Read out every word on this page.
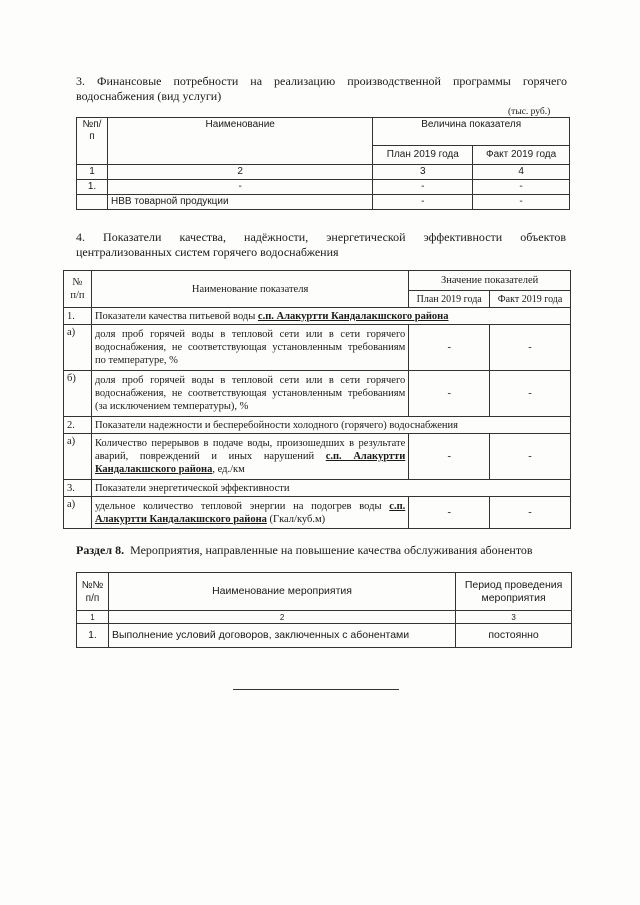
3. Финансовые потребности на реализацию производственной программы горячего водоснабжения (вид услуги)
(тыс. руб.)
№п/п	Наименование	Величина показателя	
		План 2019 года	Факт 2019 года
1	2	3	4
1.	-	-	-
	НВВ товарной продукции	-	-
4. Показатели качества, надёжности, энергетической эффективности объектов централизованных систем горячего водоснабжения
№ п/п	Наименование показателя	Значение показателей	
		План 2019 года	Факт 2019 года
1.	Показатели качества питьевой воды с.п. Алакуртти Кандалакшского района		
а)	доля проб горячей воды в тепловой сети или в сети горячего водоснабжения, не соответствующая установленным требованиям по температуре, %	-	-
б)	доля проб горячей воды в тепловой сети или в сети горячего водоснабжения, не соответствующая установленным требованиям (за исключением температуры), %	-	-
2.	Показатели надежности и бесперебойности холодного (горячего) водоснабжения		
а)	Количество перерывов в подаче воды, произошедших в результате аварий, повреждений и иных нарушений с.п. Алакуртти Кандалакшского района, ед./км	-	-
3.	Показатели энергетической эффективности		
а)	удельное количество тепловой энергии на подогрев воды с.п. Алакуртти Кандалакшского района (Гкал/куб.м)	-	-
Раздел 8. Мероприятия, направленные на повышение качества обслуживания абонентов
№№ п/п	Наименование мероприятия	Период проведения мероприятия
1	2	3
1.	Выполнение условий договоров, заключенных с абонентами	постоянно
